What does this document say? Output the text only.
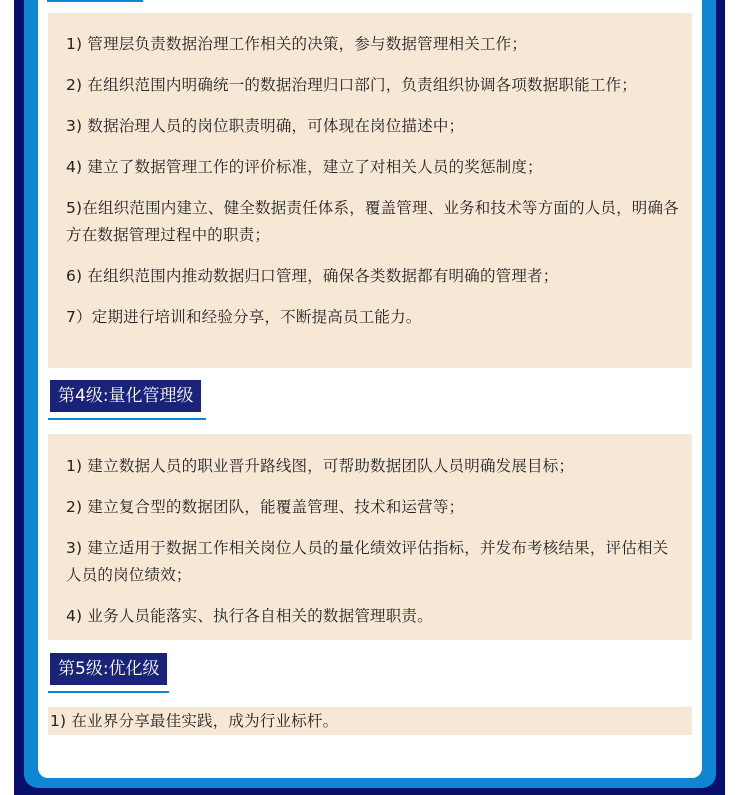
1) 管理层负责数据治理工作相关的决策，参与数据管理相关工作；

2) 在组织范围内明确统一的数据治理归口部门，负责组织协调各项数据职能工作；

3) 数据治理人员的岗位职责明确，可体现在岗位描述中；

4) 建立了数据管理工作的评价标准，建立了对相关人员的奖惩制度；

5)在组织范围内建立、健全数据责任体系，覆盖管理、业务和技术等方面的人员，明确各方在数据管理过程中的职责；

6) 在组织范围内推动数据归口管理，确保各类数据都有明确的管理者；

7）定期进行培训和经验分享，不断提高员工能力。

第4级:量化管理级

1) 建立数据人员的职业晋升路线图，可帮助数据团队人员明确发展目标；

2) 建立复合型的数据团队，能覆盖管理、技术和运营等；

3) 建立适用于数据工作相关岗位人员的量化绩效评估指标，并发布考核结果，评估相关人员的岗位绩效；

4) 业务人员能落实、执行各自相关的数据管理职责。

第5级:优化级

1) 在业界分享最佳实践，成为行业标杆。
